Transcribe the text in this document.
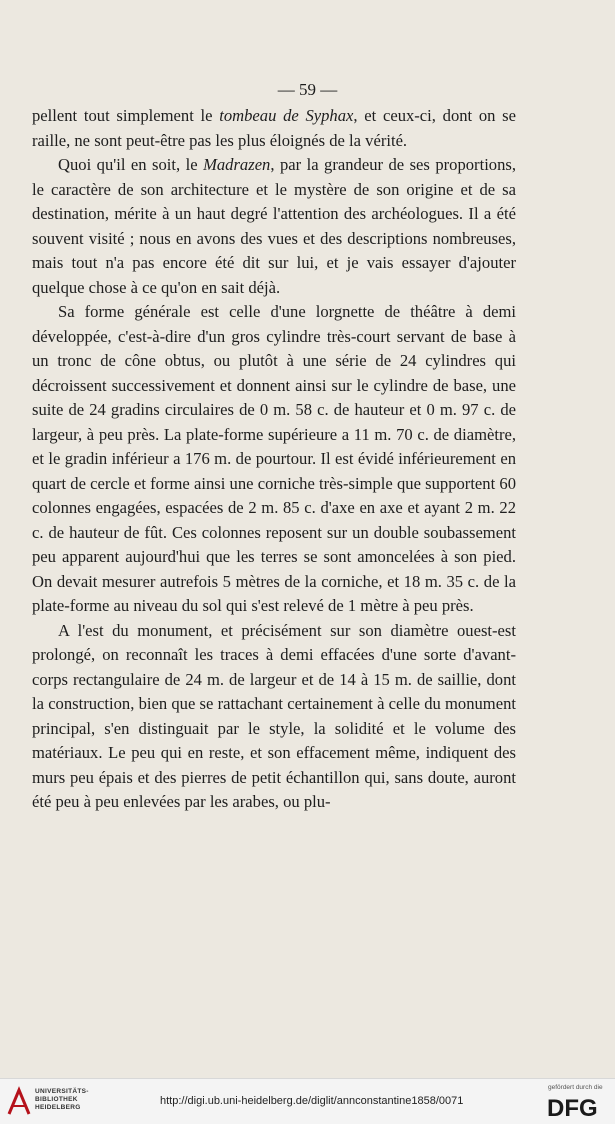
— 59 —

pellent tout simplement le tombeau de Syphax, et ceux-ci, dont on se raille, ne sont peut-être pas les plus éloignés de la vérité.

Quoi qu'il en soit, le Madrazen, par la grandeur de ses proportions, le caractère de son architecture et le mystère de son origine et de sa destination, mérite à un haut degré l'attention des archéologues. Il a été souvent visité ; nous en avons des vues et des descriptions nombreuses, mais tout n'a pas encore été dit sur lui, et je vais essayer d'ajouter quelque chose à ce qu'on en sait déjà.

Sa forme générale est celle d'une lorgnette de théâtre à demi développée, c'est-à-dire d'un gros cylindre très-court servant de base à un tronc de cône obtus, ou plutôt à une série de 24 cylindres qui décroissent successivement et donnent ainsi sur le cylindre de base, une suite de 24 gradins circulaires de 0 m. 58 c. de hauteur et 0 m. 97 c. de largeur, à peu près. La plate-forme supérieure a 11 m. 70 c. de diamètre, et le gradin inférieur a 176 m. de pourtour. Il est évidé inférieurement en quart de cercle et forme ainsi une corniche très-simple que supportent 60 colonnes engagées, espacées de 2 m. 85 c. d'axe en axe et ayant 2 m. 22 c. de hauteur de fût. Ces colonnes reposent sur un double soubassement peu apparent aujourd'hui que les terres se sont amoncelées à son pied. On devait mesurer autrefois 5 mètres de la corniche, et 18 m. 35 c. de la plate-forme au niveau du sol qui s'est relevé de 1 mètre à peu près.

A l'est du monument, et précisément sur son diamètre ouest-est prolongé, on reconnaît les traces à demi effacées d'une sorte d'avant-corps rectangulaire de 24 m. de largeur et de 14 à 15 m. de saillie, dont la construction, bien que se rattachant certainement à celle du monument principal, s'en distinguait par le style, la solidité et le volume des matériaux. Le peu qui en reste, et son effacement même, indiquent des murs peu épais et des pierres de petit échantillon qui, sans doute, auront été peu à peu enlevées par les arabes, ou plu-

UNIVERSITÄTS-
BIBLIOTHEK
HEIDELBERG
http://digi.ub.uni-heidelberg.de/diglit/annconstantine1858/0071
gefördert durch die
DFG
